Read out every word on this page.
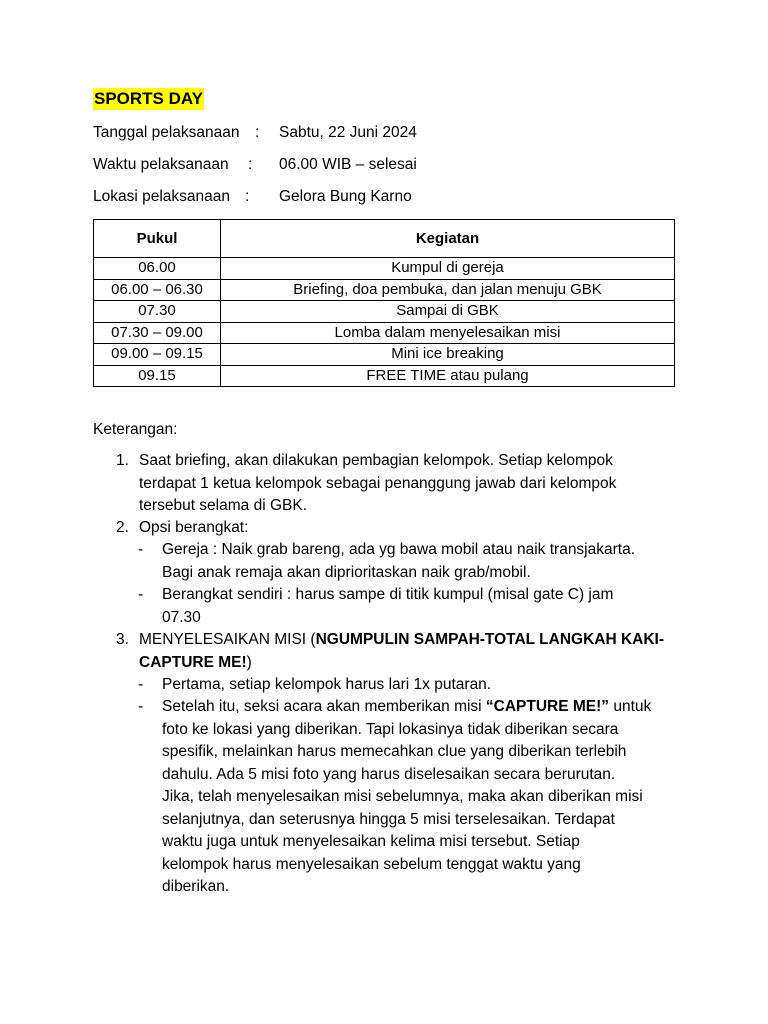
SPORTS DAY
Tanggal pelaksanaan : Sabtu, 22 Juni 2024
Waktu pelaksanaan : 06.00 WIB – selesai
Lokasi pelaksanaan : Gelora Bung Karno
Pukul	Kegiatan
06.00	Kumpul di gereja
06.00 – 06.30	Briefing, doa pembuka, dan jalan menuju GBK
07.30	Sampai di GBK
07.30 – 09.00	Lomba dalam menyelesaikan misi
09.00 – 09.15	Mini ice breaking
09.15	FREE TIME atau pulang
Keterangan:
1. Saat briefing, akan dilakukan pembagian kelompok. Setiap kelompok
terdapat 1 ketua kelompok sebagai penanggung jawab dari kelompok
tersebut selama di GBK.
2. Opsi berangkat:
- Gereja : Naik grab bareng, ada yg bawa mobil atau naik transjakarta.
Bagi anak remaja akan diprioritaskan naik grab/mobil.
- Berangkat sendiri : harus sampe di titik kumpul (misal gate C) jam
07.30
3. MENYELESAIKAN MISI (NGUMPULIN SAMPAH-TOTAL LANGKAH KAKI-
CAPTURE ME!)
- Pertama, setiap kelompok harus lari 1x putaran.
- Setelah itu, seksi acara akan memberikan misi “CAPTURE ME!” untuk
foto ke lokasi yang diberikan. Tapi lokasinya tidak diberikan secara
spesifik, melainkan harus memecahkan clue yang diberikan terlebih
dahulu. Ada 5 misi foto yang harus diselesaikan secara berurutan.
Jika, telah menyelesaikan misi sebelumnya, maka akan diberikan misi
selanjutnya, dan seterusnya hingga 5 misi terselesaikan. Terdapat
waktu juga untuk menyelesaikan kelima misi tersebut. Setiap
kelompok harus menyelesaikan sebelum tenggat waktu yang
diberikan.
